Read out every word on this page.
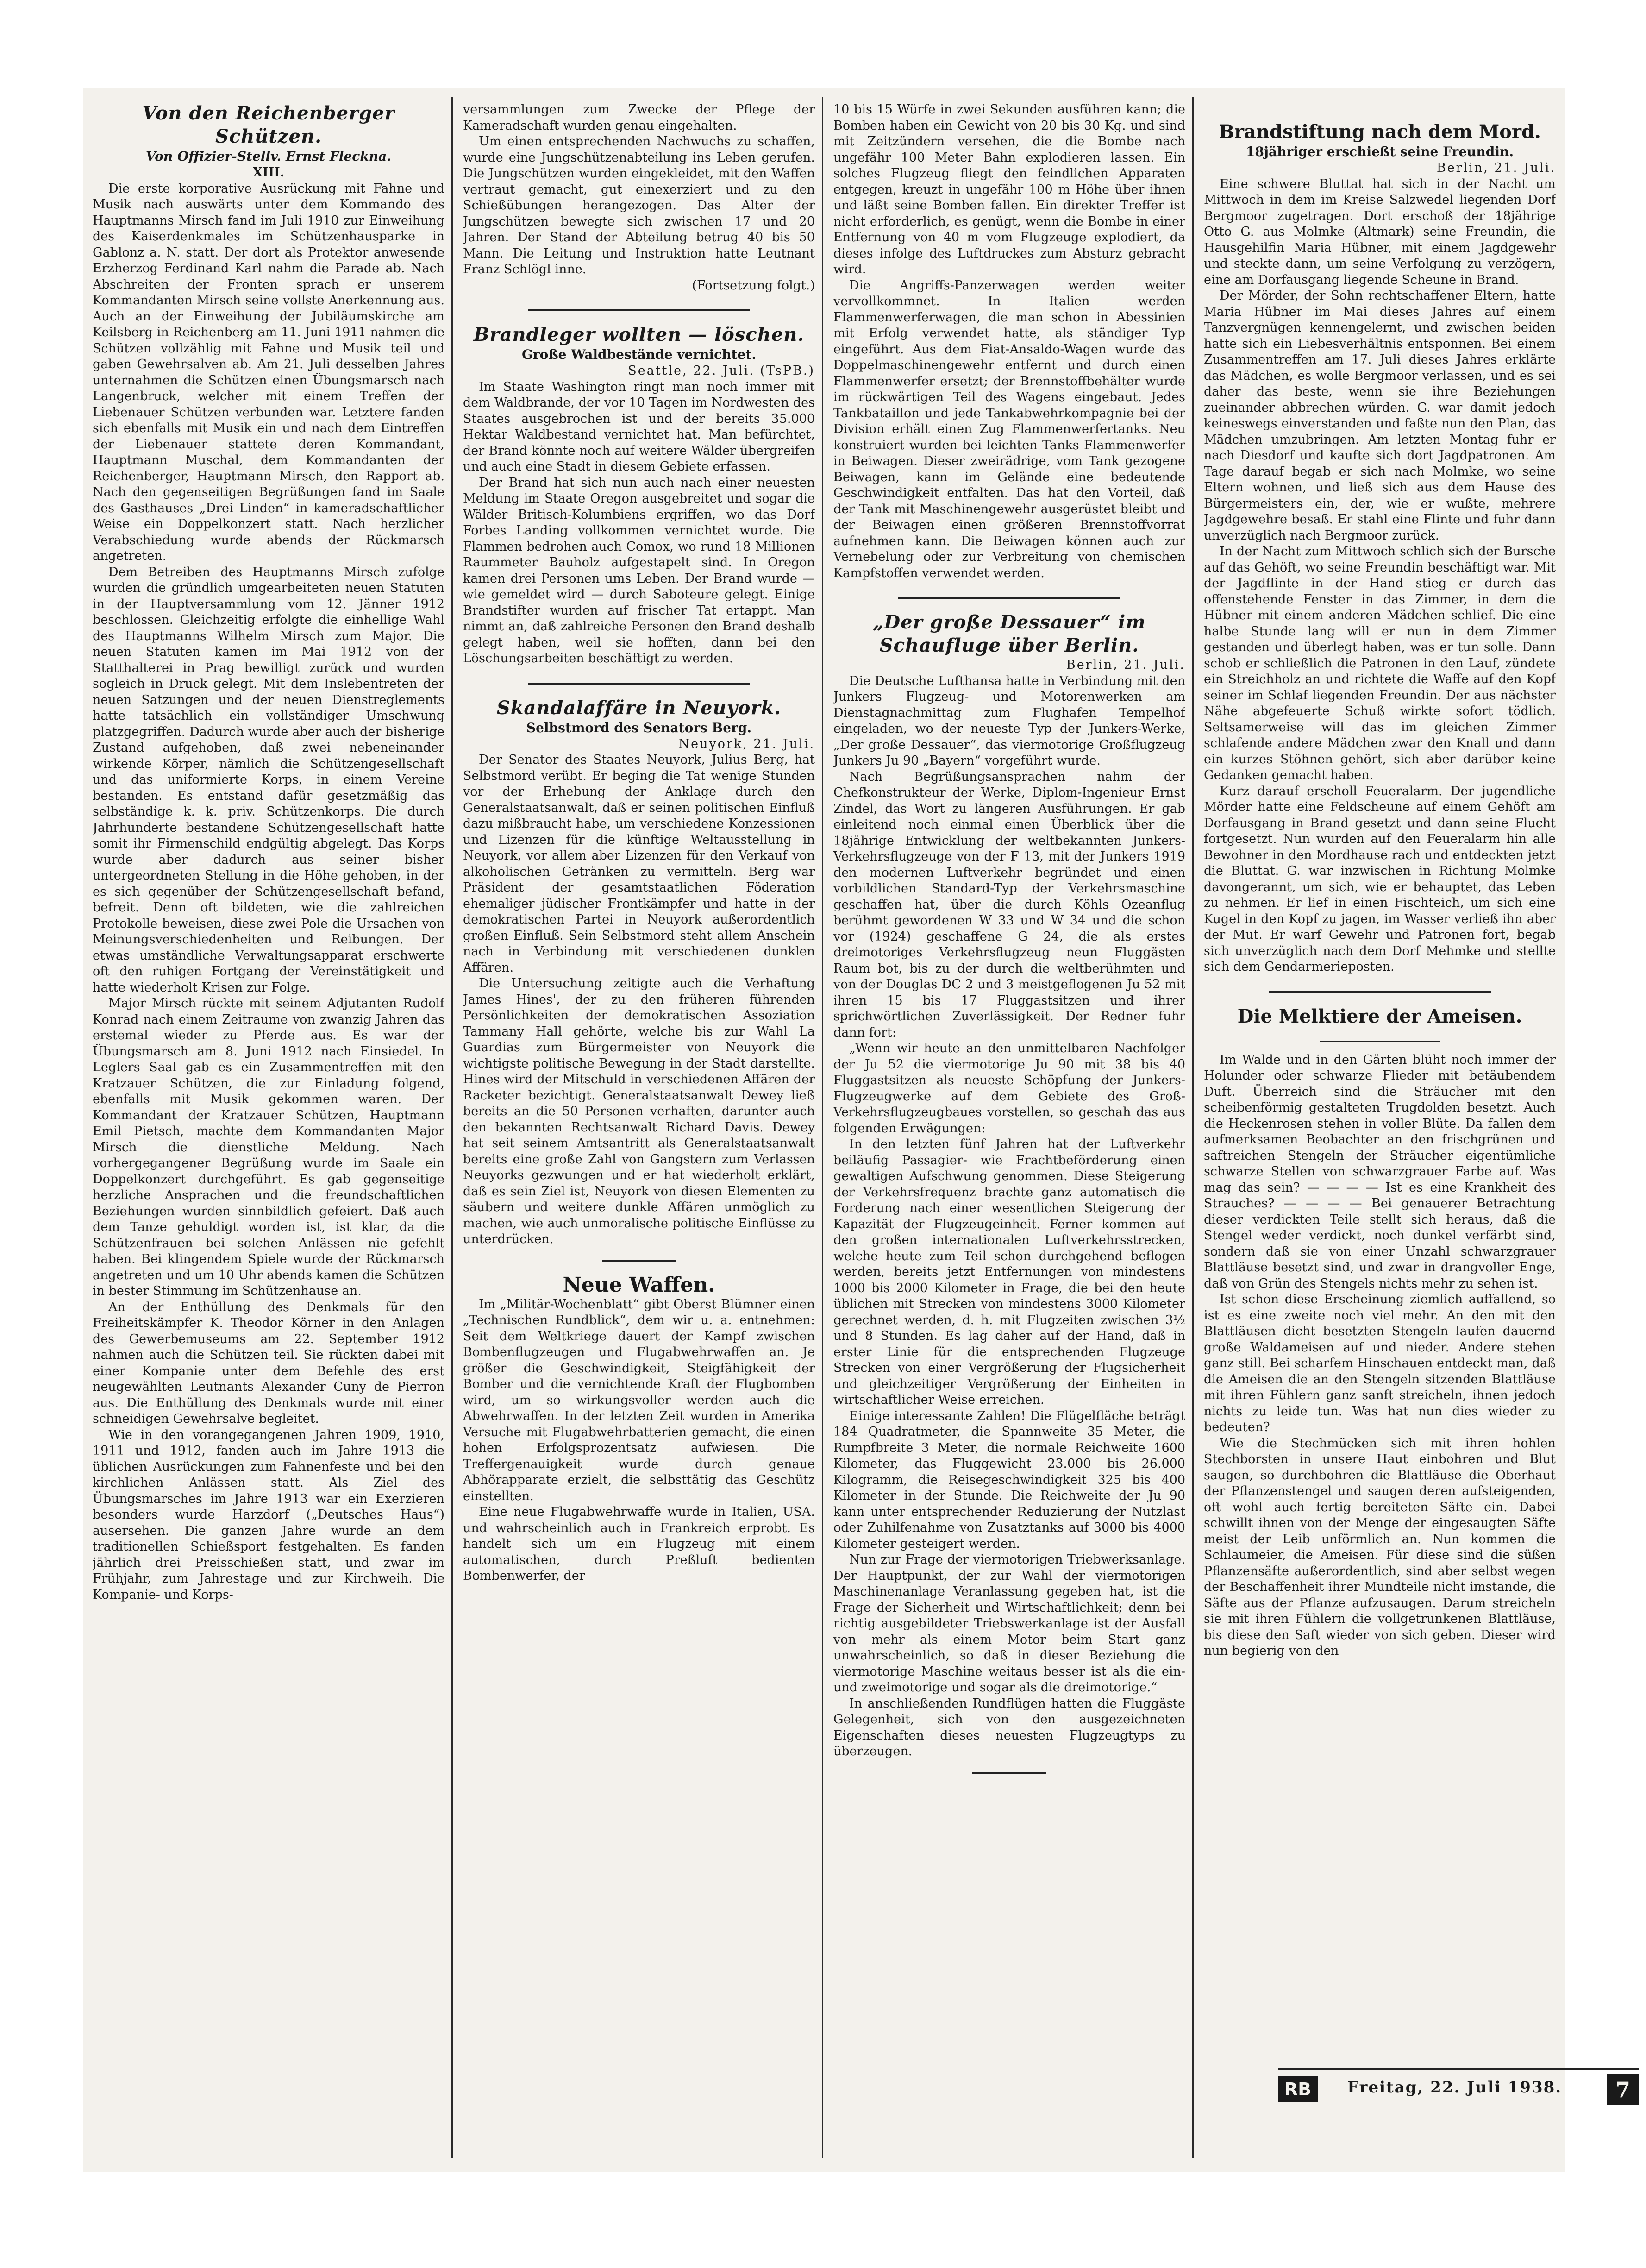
Von den Reichenberger Schützen.

Von Offizier-Stellv. Ernst Fleckna.

XIII.

Die erste korporative Ausrückung mit Fahne und Musik nach auswärts unter dem Kommando des Hauptmanns Mirsch fand im Juli 1910 zur Einweihung des Kaiserdenkmales im Schützenhausparke in Gablonz a. N. statt. Der dort als Protektor anwesende Erzherzog Ferdinand Karl nahm die Parade ab. Nach Abschreiten der Fronten sprach er unserem Kommandanten Mirsch seine vollste Anerkennung aus. Auch an der Einweihung der Jubiläumskirche am Keilsberg in Reichenberg am 11. Juni 1911 nahmen die Schützen vollzählig mit Fahne und Musik teil und gaben Gewehrsalven ab. Am 21. Juli desselben Jahres unternahmen die Schützen einen Übungsmarsch nach Langenbruck, welcher mit einem Treffen der Liebenauer Schützen verbunden war. Letztere fanden sich ebenfalls mit Musik ein und nach dem Eintreffen der Liebenauer stattete deren Kommandant, Hauptmann Muschal, dem Kommandanten der Reichenberger, Hauptmann Mirsch, den Rapport ab. Nach den gegenseitigen Begrüßungen fand im Saale des Gasthauses „Drei Linden“ in kameradschaftlicher Weise ein Doppelkonzert statt. Nach herzlicher Verabschiedung wurde abends der Rückmarsch angetreten.

Dem Betreiben des Hauptmanns Mirsch zufolge wurden die gründlich umgearbeiteten neuen Statuten in der Hauptversammlung vom 12. Jänner 1912 beschlossen. Gleichzeitig erfolgte die einhellige Wahl des Hauptmanns Wilhelm Mirsch zum Major. Die neuen Statuten kamen im Mai 1912 von der Statthalterei in Prag bewilligt zurück und wurden sogleich in Druck gelegt. Mit dem Inslebentreten der neuen Satzungen und der neuen Dienstreglements hatte tatsächlich ein vollständiger Umschwung platzgegriffen. Dadurch wurde aber auch der bisherige Zustand aufgehoben, daß zwei nebeneinander wirkende Körper, nämlich die Schützengesellschaft und das uniformierte Korps, in einem Vereine bestanden. Es entstand dafür gesetzmäßig das selbständige k. k. priv. Schützenkorps. Die durch Jahrhunderte bestandene Schützengesellschaft hatte somit ihr Firmenschild endgültig abgelegt. Das Korps wurde aber dadurch aus seiner bisher untergeordneten Stellung in die Höhe gehoben, in der es sich gegenüber der Schützengesellschaft befand, befreit. Denn oft bildeten, wie die zahlreichen Protokolle beweisen, diese zwei Pole die Ursachen von Meinungsverschiedenheiten und Reibungen. Der etwas umständliche Verwaltungsapparat erschwerte oft den ruhigen Fortgang der Vereinstätigkeit und hatte wiederholt Krisen zur Folge.

Major Mirsch rückte mit seinem Adjutanten Rudolf Konrad nach einem Zeitraume von zwanzig Jahren das erstemal wieder zu Pferde aus. Es war der Übungsmarsch am 8. Juni 1912 nach Einsiedel. In Leglers Saal gab es ein Zusammentreffen mit den Kratzauer Schützen, die zur Einladung folgend, ebenfalls mit Musik gekommen waren. Der Kommandant der Kratzauer Schützen, Hauptmann Emil Pietsch, machte dem Kommandanten Major Mirsch die dienstliche Meldung. Nach vorhergegangener Begrüßung wurde im Saale ein Doppelkonzert durchgeführt. Es gab gegenseitige herzliche Ansprachen und die freundschaftlichen Beziehungen wurden sinnbildlich gefeiert. Daß auch dem Tanze gehuldigt worden ist, ist klar, da die Schützenfrauen bei solchen Anlässen nie gefehlt haben. Bei klingendem Spiele wurde der Rückmarsch angetreten und um 10 Uhr abends kamen die Schützen in bester Stimmung im Schützenhause an.

An der Enthüllung des Denkmals für den Freiheitskämpfer K. Theodor Körner in den Anlagen des Gewerbemuseums am 22. September 1912 nahmen auch die Schützen teil. Sie rückten dabei mit einer Kompanie unter dem Befehle des erst neugewählten Leutnants Alexander Cuny de Pierron aus. Die Enthüllung des Denkmals wurde mit einer schneidigen Gewehrsalve begleitet.

Wie in den vorangegangenen Jahren 1909, 1910, 1911 und 1912, fanden auch im Jahre 1913 die üblichen Ausrückungen zum Fahnenfeste und bei den kirchlichen Anlässen statt. Als Ziel des Übungsmarsches im Jahre 1913 war ein Exerzieren besonders wurde Harzdorf („Deutsches Haus“) ausersehen. Die ganzen Jahre wurde an dem traditionellen Schießsport festgehalten. Es fanden jährlich drei Preisschießen statt, und zwar im Frühjahr, zum Jahrestage und zur Kirchweih. Die Kompanie- und Korps-

versammlungen zum Zwecke der Pflege der Kameradschaft wurden genau eingehalten.

Um einen entsprechenden Nachwuchs zu schaffen, wurde eine Jungschützenabteilung ins Leben gerufen. Die Jungschützen wurden eingekleidet, mit den Waffen vertraut gemacht, gut einexerziert und zu den Schießübungen herangezogen. Das Alter der Jungschützen bewegte sich zwischen 17 und 20 Jahren. Der Stand der Abteilung betrug 40 bis 50 Mann. Die Leitung und Instruktion hatte Leutnant Franz Schlögl inne.

(Fortsetzung folgt.)

Brandleger wollten — löschen.

Große Waldbestände vernichtet.

Seattle, 22. Juli. (TsPB.)

Im Staate Washington ringt man noch immer mit dem Waldbrande, der vor 10 Tagen im Nordwesten des Staates ausgebrochen ist und der bereits 35.000 Hektar Waldbestand vernichtet hat. Man befürchtet, der Brand könnte noch auf weitere Wälder übergreifen und auch eine Stadt in diesem Gebiete erfassen.

Der Brand hat sich nun auch nach einer neuesten Meldung im Staate Oregon ausgebreitet und sogar die Wälder Britisch-Kolumbiens ergriffen, wo das Dorf Forbes Landing vollkommen vernichtet wurde. Die Flammen bedrohen auch Comox, wo rund 18 Millionen Raummeter Bauholz aufgestapelt sind. In Oregon kamen drei Personen ums Leben. Der Brand wurde — wie gemeldet wird — durch Saboteure gelegt. Einige Brandstifter wurden auf frischer Tat ertappt. Man nimmt an, daß zahlreiche Personen den Brand deshalb gelegt haben, weil sie hofften, dann bei den Löschungsarbeiten beschäftigt zu werden.

Skandalaffäre in Neuyork.

Selbstmord des Senators Berg.

Neuyork, 21. Juli.

Der Senator des Staates Neuyork, Julius Berg, hat Selbstmord verübt. Er beging die Tat wenige Stunden vor der Erhebung der Anklage durch den Generalstaatsanwalt, daß er seinen politischen Einfluß dazu mißbraucht habe, um verschiedene Konzessionen und Lizenzen für die künftige Weltausstellung in Neuyork, vor allem aber Lizenzen für den Verkauf von alkoholischen Getränken zu vermitteln. Berg war Präsident der gesamtstaatlichen Föderation ehemaliger jüdischer Frontkämpfer und hatte in der demokratischen Partei in Neuyork außerordentlich großen Einfluß. Sein Selbstmord steht allem Anschein nach in Verbindung mit verschiedenen dunklen Affären.

Die Untersuchung zeitigte auch die Verhaftung James Hines', der zu den früheren führenden Persönlichkeiten der demokratischen Assoziation Tammany Hall gehörte, welche bis zur Wahl La Guardias zum Bürgermeister von Neuyork die wichtigste politische Bewegung in der Stadt darstellte. Hines wird der Mitschuld in verschiedenen Affären der Racketer bezichtigt. Generalstaatsanwalt Dewey ließ bereits an die 50 Personen verhaften, darunter auch den bekannten Rechtsanwalt Richard Davis. Dewey hat seit seinem Amtsantritt als Generalstaatsanwalt bereits eine große Zahl von Gangstern zum Verlassen Neuyorks gezwungen und er hat wiederholt erklärt, daß es sein Ziel ist, Neuyork von diesen Elementen zu säubern und weitere dunkle Affären unmöglich zu machen, wie auch unmoralische politische Einflüsse zu unterdrücken.

Neue Waffen.

Im „Militär-Wochenblatt“ gibt Oberst Blümner einen „Technischen Rundblick“, dem wir u. a. entnehmen: Seit dem Weltkriege dauert der Kampf zwischen Bombenflugzeugen und Flugabwehrwaffen an. Je größer die Geschwindigkeit, Steigfähigkeit der Bomber und die vernichtende Kraft der Flugbomben wird, um so wirkungsvoller werden auch die Abwehrwaffen. In der letzten Zeit wurden in Amerika Versuche mit Flugabwehrbatterien gemacht, die einen hohen Erfolgsprozentsatz aufwiesen. Die Treffergenauigkeit wurde durch genaue Abhörapparate erzielt, die selbsttätig das Geschütz einstellten.

Eine neue Flugabwehrwaffe wurde in Italien, USA. und wahrscheinlich auch in Frankreich erprobt. Es handelt sich um ein Flugzeug mit einem automatischen, durch Preßluft bedienten Bombenwerfer, der

10 bis 15 Würfe in zwei Sekunden ausführen kann; die Bomben haben ein Gewicht von 20 bis 30 Kg. und sind mit Zeitzündern versehen, die die Bombe nach ungefähr 100 Meter Bahn explodieren lassen. Ein solches Flugzeug fliegt den feindlichen Apparaten entgegen, kreuzt in ungefähr 100 m Höhe über ihnen und läßt seine Bomben fallen. Ein direkter Treffer ist nicht erforderlich, es genügt, wenn die Bombe in einer Entfernung von 40 m vom Flugzeuge explodiert, da dieses infolge des Luftdruckes zum Absturz gebracht wird.

Die Angriffs-Panzerwagen werden weiter vervollkommnet. In Italien werden Flammenwerferwagen, die man schon in Abessinien mit Erfolg verwendet hatte, als ständiger Typ eingeführt. Aus dem Fiat-Ansaldo-Wagen wurde das Doppelmaschinengewehr entfernt und durch einen Flammenwerfer ersetzt; der Brennstoffbehälter wurde im rückwärtigen Teil des Wagens eingebaut. Jedes Tankbataillon und jede Tankabwehrkompagnie bei der Division erhält einen Zug Flammenwerfertanks. Neu konstruiert wurden bei leichten Tanks Flammenwerfer in Beiwagen. Dieser zweirädrige, vom Tank gezogene Beiwagen, kann im Gelände eine bedeutende Geschwindigkeit entfalten. Das hat den Vorteil, daß der Tank mit Maschinengewehr ausgerüstet bleibt und der Beiwagen einen größeren Brennstoffvorrat aufnehmen kann. Die Beiwagen können auch zur Vernebelung oder zur Verbreitung von chemischen Kampfstoffen verwendet werden.

„Der große Dessauer“ im Schaufluge über Berlin.

Berlin, 21. Juli.

Die Deutsche Lufthansa hatte in Verbindung mit den Junkers Flugzeug- und Motorenwerken am Dienstagnachmittag zum Flughafen Tempelhof eingeladen, wo der neueste Typ der Junkers-Werke, „Der große Dessauer“, das viermotorige Großflugzeug Junkers Ju 90 „Bayern“ vorgeführt wurde.

Nach Begrüßungsansprachen nahm der Chefkonstrukteur der Werke, Diplom-Ingenieur Ernst Zindel, das Wort zu längeren Ausführungen. Er gab einleitend noch einmal einen Überblick über die 18jährige Entwicklung der weltbekannten Junkers-Verkehrsflugzeuge von der F 13, mit der Junkers 1919 den modernen Luftverkehr begründet und einen vorbildlichen Standard-Typ der Verkehrsmaschine geschaffen hat, über die durch Köhls Ozeanflug berühmt gewordenen W 33 und W 34 und die schon vor (1924) geschaffene G 24, die als erstes dreimotoriges Verkehrsflugzeug neun Fluggästen Raum bot, bis zu der durch die weltberühmten und von der Douglas DC 2 und 3 meistgeflogenen Ju 52 mit ihren 15 bis 17 Fluggastsitzen und ihrer sprichwörtlichen Zuverlässigkeit. Der Redner fuhr dann fort:

„Wenn wir heute an den unmittelbaren Nachfolger der Ju 52 die viermotorige Ju 90 mit 38 bis 40 Fluggastsitzen als neueste Schöpfung der Junkers-Flugzeugwerke auf dem Gebiete des Groß-Verkehrsflugzeugbaues vorstellen, so geschah das aus folgenden Erwägungen:

In den letzten fünf Jahren hat der Luftverkehr beiläufig Passagier- wie Frachtbeförderung einen gewaltigen Aufschwung genommen. Diese Steigerung der Verkehrsfrequenz brachte ganz automatisch die Forderung nach einer wesentlichen Steigerung der Kapazität der Flugzeugeinheit. Ferner kommen auf den großen internationalen Luftverkehrsstrecken, welche heute zum Teil schon durchgehend beflogen werden, bereits jetzt Entfernungen von mindestens 1000 bis 2000 Kilometer in Frage, die bei den heute üblichen mit Strecken von mindestens 3000 Kilometer gerechnet werden, d. h. mit Flugzeiten zwischen 3½ und 8 Stunden. Es lag daher auf der Hand, daß in erster Linie für die entsprechenden Flugzeuge Strecken von einer Vergrößerung der Flugsicherheit und gleichzeitiger Vergrößerung der Einheiten in wirtschaftlicher Weise erreichen.

Einige interessante Zahlen! Die Flügelfläche beträgt 184 Quadratmeter, die Spannweite 35 Meter, die Rumpfbreite 3 Meter, die normale Reichweite 1600 Kilometer, das Fluggewicht 23.000 bis 26.000 Kilogramm, die Reisegeschwindigkeit 325 bis 400 Kilometer in der Stunde. Die Reichweite der Ju 90 kann unter entsprechender Reduzierung der Nutzlast oder Zuhilfenahme von Zusatztanks auf 3000 bis 4000 Kilometer gesteigert werden.

Nun zur Frage der viermotorigen Triebwerksanlage. Der Hauptpunkt, der zur Wahl der viermotorigen Maschinenanlage Veranlassung gegeben hat, ist die Frage der Sicherheit und Wirtschaftlichkeit; denn bei richtig ausgebildeter Triebswerkanlage ist der Ausfall von mehr als einem Motor beim Start ganz unwahrscheinlich, so daß in dieser Beziehung die viermotorige Maschine weitaus besser ist als die ein- und zweimotorige und sogar als die dreimotorige.“

In anschließenden Rundflügen hatten die Fluggäste Gelegenheit, sich von den ausgezeichneten Eigenschaften dieses neuesten Flugzeugtyps zu überzeugen.

Brandstiftung nach dem Mord.

18jähriger erschießt seine Freundin.

Berlin, 21. Juli.

Eine schwere Bluttat hat sich in der Nacht um Mittwoch in dem im Kreise Salzwedel liegenden Dorf Bergmoor zugetragen. Dort erschoß der 18jährige Otto G. aus Molmke (Altmark) seine Freundin, die Hausgehilfin Maria Hübner, mit einem Jagdgewehr und steckte dann, um seine Verfolgung zu verzögern, eine am Dorfausgang liegende Scheune in Brand.

Der Mörder, der Sohn rechtschaffener Eltern, hatte Maria Hübner im Mai dieses Jahres auf einem Tanzvergnügen kennengelernt, und zwischen beiden hatte sich ein Liebesverhältnis entsponnen. Bei einem Zusammentreffen am 17. Juli dieses Jahres erklärte das Mädchen, es wolle Bergmoor verlassen, und es sei daher das beste, wenn sie ihre Beziehungen zueinander abbrechen würden. G. war damit jedoch keineswegs einverstanden und faßte nun den Plan, das Mädchen umzubringen. Am letzten Montag fuhr er nach Diesdorf und kaufte sich dort Jagdpatronen. Am Tage darauf begab er sich nach Molmke, wo seine Eltern wohnen, und ließ sich aus dem Hause des Bürgermeisters ein, der, wie er wußte, mehrere Jagdgewehre besaß. Er stahl eine Flinte und fuhr dann unverzüglich nach Bergmoor zurück.

In der Nacht zum Mittwoch schlich sich der Bursche auf das Gehöft, wo seine Freundin beschäftigt war. Mit der Jagdflinte in der Hand stieg er durch das offenstehende Fenster in das Zimmer, in dem die Hübner mit einem anderen Mädchen schlief. Die eine halbe Stunde lang will er nun in dem Zimmer gestanden und überlegt haben, was er tun solle. Dann schob er schließlich die Patronen in den Lauf, zündete ein Streichholz an und richtete die Waffe auf den Kopf seiner im Schlaf liegenden Freundin. Der aus nächster Nähe abgefeuerte Schuß wirkte sofort tödlich. Seltsamerweise will das im gleichen Zimmer schlafende andere Mädchen zwar den Knall und dann ein kurzes Stöhnen gehört, sich aber darüber keine Gedanken gemacht haben.

Kurz darauf erscholl Feueralarm. Der jugendliche Mörder hatte eine Feldscheune auf einem Gehöft am Dorfausgang in Brand gesetzt und dann seine Flucht fortgesetzt. Nun wurden auf den Feueralarm hin alle Bewohner in den Mordhause rach und entdeckten jetzt die Bluttat. G. war inzwischen in Richtung Molmke davongerannt, um sich, wie er behauptet, das Leben zu nehmen. Er lief in einen Fischteich, um sich eine Kugel in den Kopf zu jagen, im Wasser verließ ihn aber der Mut. Er warf Gewehr und Patronen fort, begab sich unverzüglich nach dem Dorf Mehmke und stellte sich dem Gendarmerieposten.

Die Melktiere der Ameisen.

Im Walde und in den Gärten blüht noch immer der Holunder oder schwarze Flieder mit betäubendem Duft. Überreich sind die Sträucher mit den scheibenförmig gestalteten Trugdolden besetzt. Auch die Heckenrosen stehen in voller Blüte. Da fallen dem aufmerksamen Beobachter an den frischgrünen und saftreichen Stengeln der Sträucher eigentümliche schwarze Stellen von schwarzgrauer Farbe auf. Was mag das sein? — — — — Ist es eine Krankheit des Strauches? — — — — Bei genauerer Betrachtung dieser verdickten Teile stellt sich heraus, daß die Stengel weder verdickt, noch dunkel verfärbt sind, sondern daß sie von einer Unzahl schwarzgrauer Blattläuse besetzt sind, und zwar in drangvoller Enge, daß von Grün des Stengels nichts mehr zu sehen ist.

Ist schon diese Erscheinung ziemlich auffallend, so ist es eine zweite noch viel mehr. An den mit den Blattläusen dicht besetzten Stengeln laufen dauernd große Waldameisen auf und nieder. Andere stehen ganz still. Bei scharfem Hinschauen entdeckt man, daß die Ameisen die an den Stengeln sitzenden Blattläuse mit ihren Fühlern ganz sanft streicheln, ihnen jedoch nichts zu leide tun. Was hat nun dies wieder zu bedeuten?

Wie die Stechmücken sich mit ihren hohlen Stechborsten in unsere Haut einbohren und Blut saugen, so durchbohren die Blattläuse die Oberhaut der Pflanzenstengel und saugen deren aufsteigenden, oft wohl auch fertig bereiteten Säfte ein. Dabei schwillt ihnen von der Menge der eingesaugten Säfte meist der Leib unförmlich an. Nun kommen die Schlaumeier, die Ameisen. Für diese sind die süßen Pflanzensäfte außerordentlich, sind aber selbst wegen der Beschaffenheit ihrer Mundteile nicht imstande, die Säfte aus der Pflanze aufzusaugen. Darum streicheln sie mit ihren Fühlern die vollgetrunkenen Blattläuse, bis diese den Saft wieder von sich geben. Dieser wird nun begierig von den

RB	Freitag, 22. Juli 1938.	7
